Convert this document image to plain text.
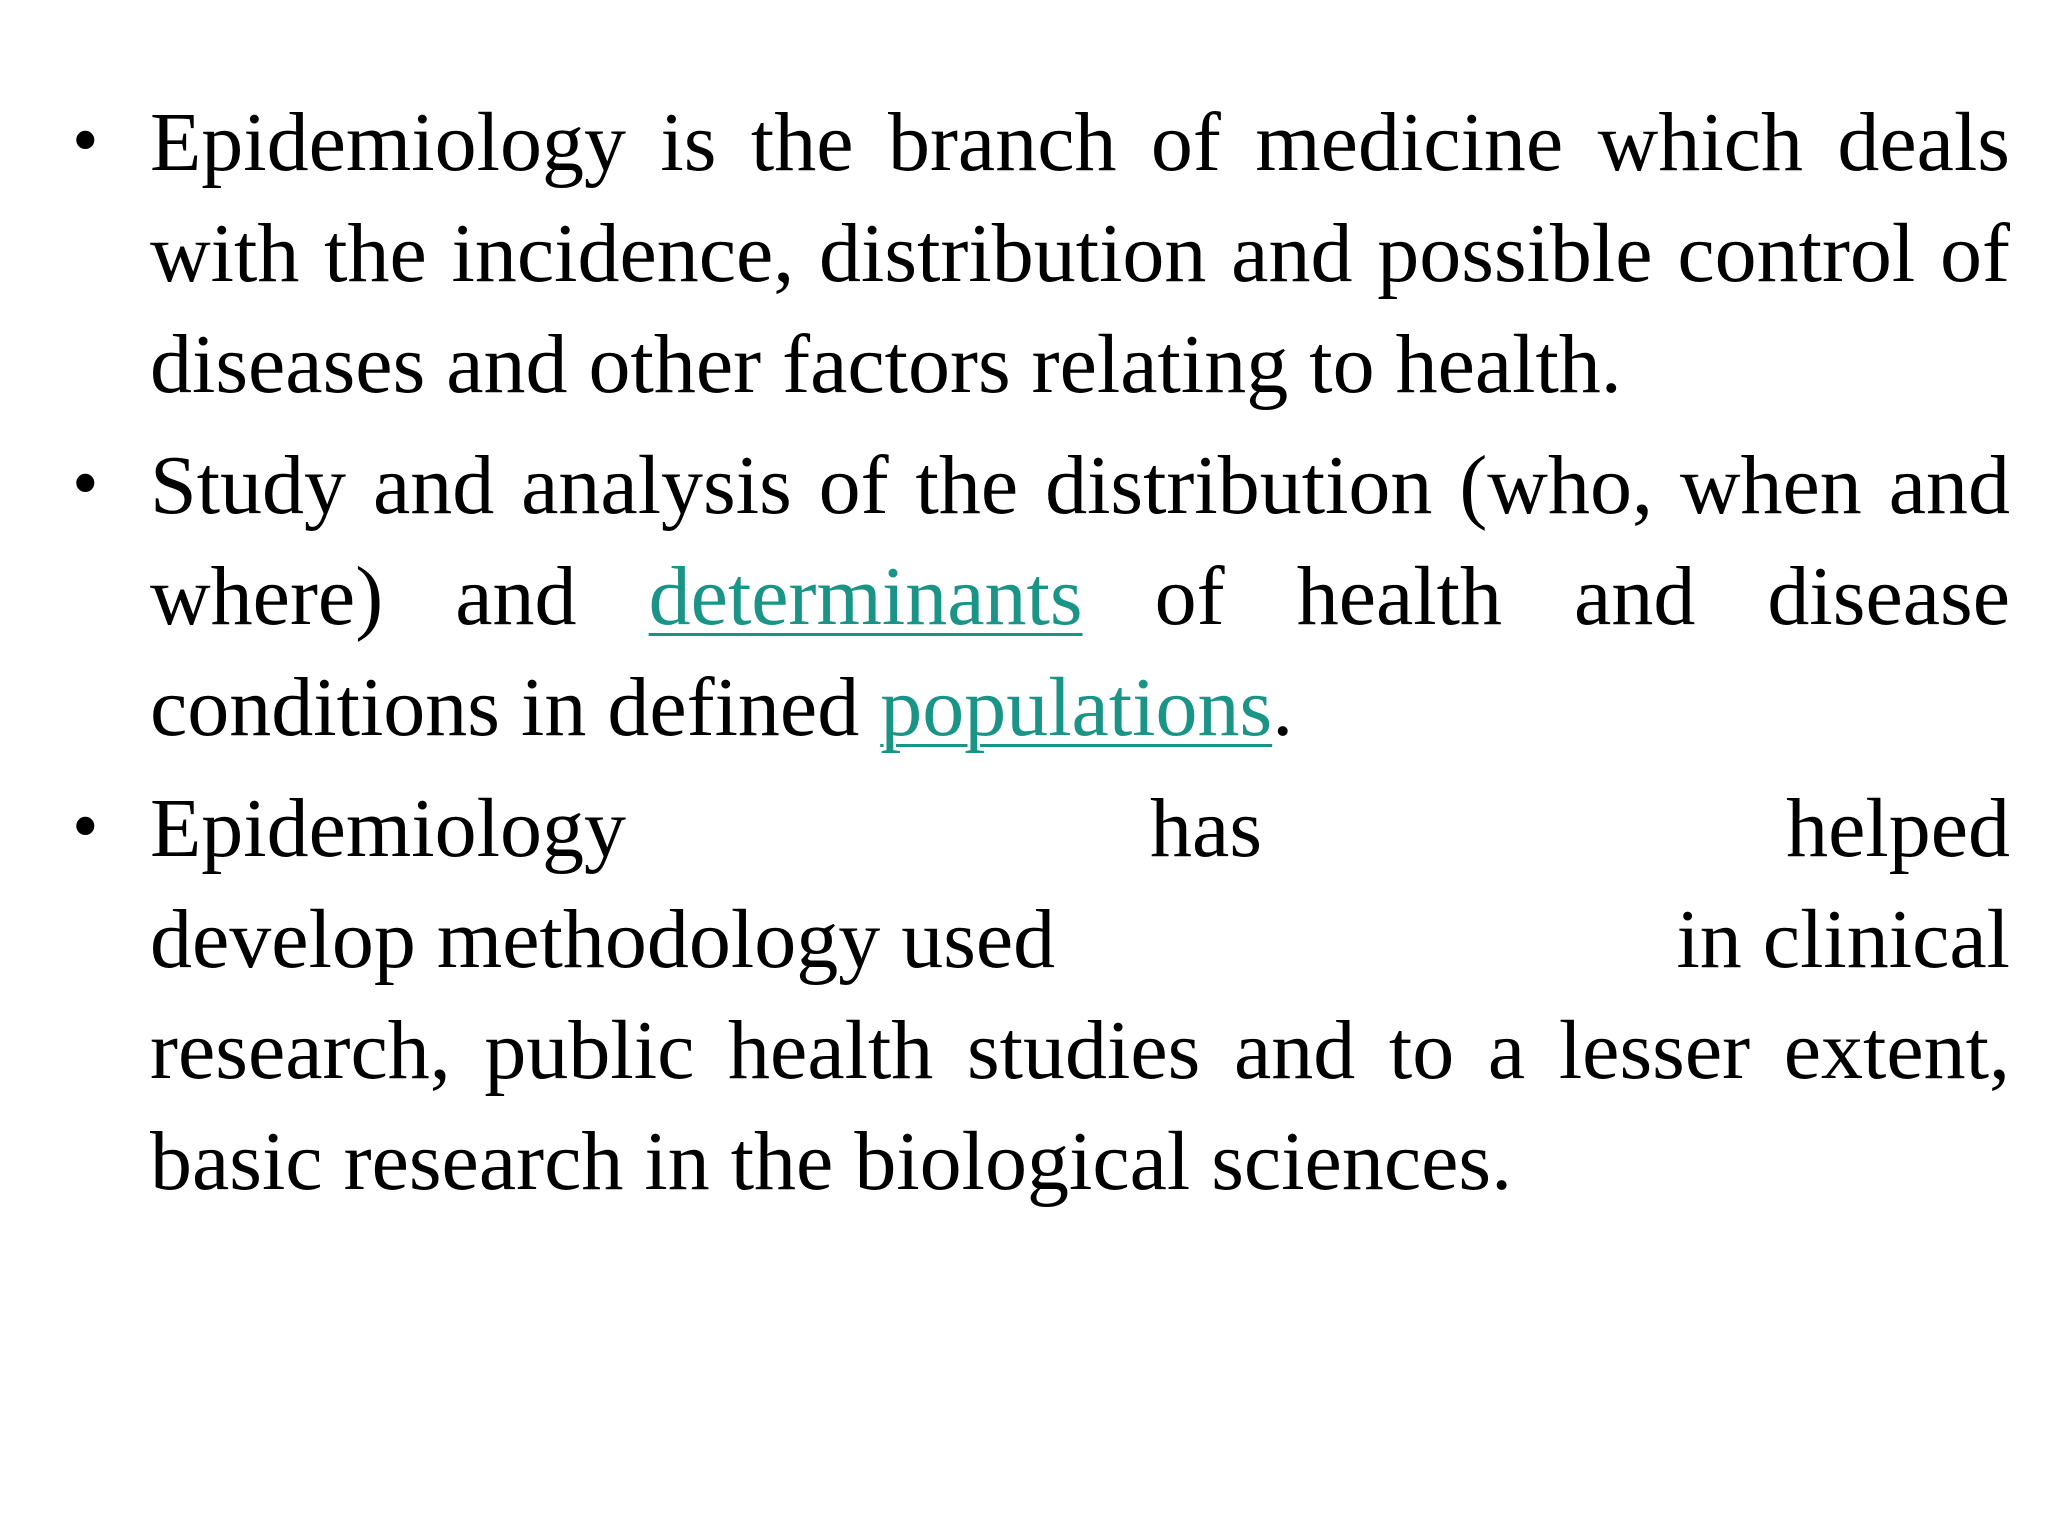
• Epidemiology is the branch of medicine which deals with the incidence, distribution and possible control of diseases and other factors relating to health.
• Study and analysis of the distribution (who, when and where) and determinants of health and disease conditions in defined populations.
• Epidemiology	has	helped
develop methodology used	in clinical
research, public health studies and to a lesser extent, basic research in the biological sciences.
